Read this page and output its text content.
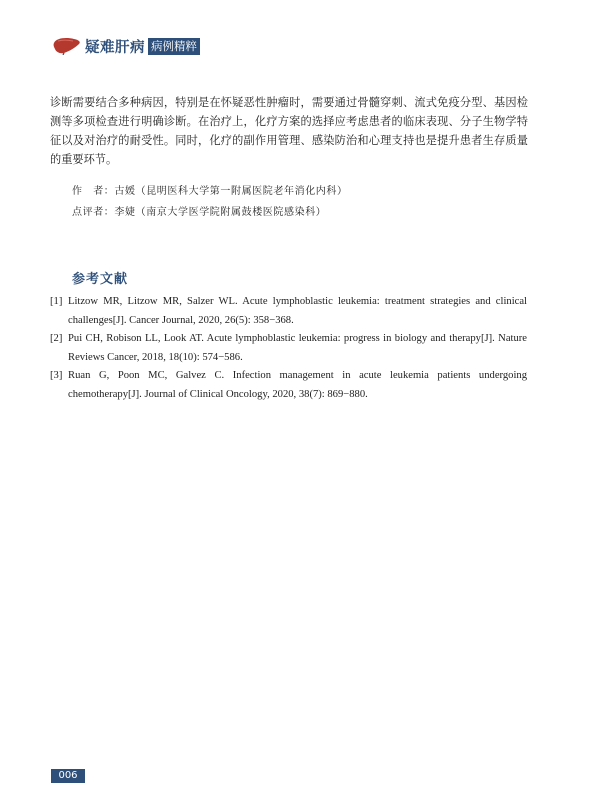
疑难肝病 病例精粹
诊断需要结合多种病因，特别是在怀疑恶性肿瘤时，需要通过骨髓穿刺、流式免疫分型、基因检测等多项检查进行明确诊断。在治疗上，化疗方案的选择应考虑患者的临床表现、分子生物学特征以及对治疗的耐受性。同时，化疗的副作用管理、感染防治和心理支持也是提升患者生存质量的重要环节。
作　者：古媛（昆明医科大学第一附属医院老年消化内科）
点评者：李婕（南京大学医学院附属鼓楼医院感染科）
参考文献
[1] Litzow MR, Litzow MR, Salzer WL. Acute lymphoblastic leukemia: treatment strategies and clinical challenges[J]. Cancer Journal, 2020, 26(5): 358−368.
[2] Pui CH, Robison LL, Look AT. Acute lymphoblastic leukemia: progress in biology and therapy[J]. Nature Reviews Cancer, 2018, 18(10): 574−586.
[3] Ruan G, Poon MC, Galvez C. Infection management in acute leukemia patients undergoing chemotherapy[J]. Journal of Clinical Oncology, 2020, 38(7): 869−880.
006
